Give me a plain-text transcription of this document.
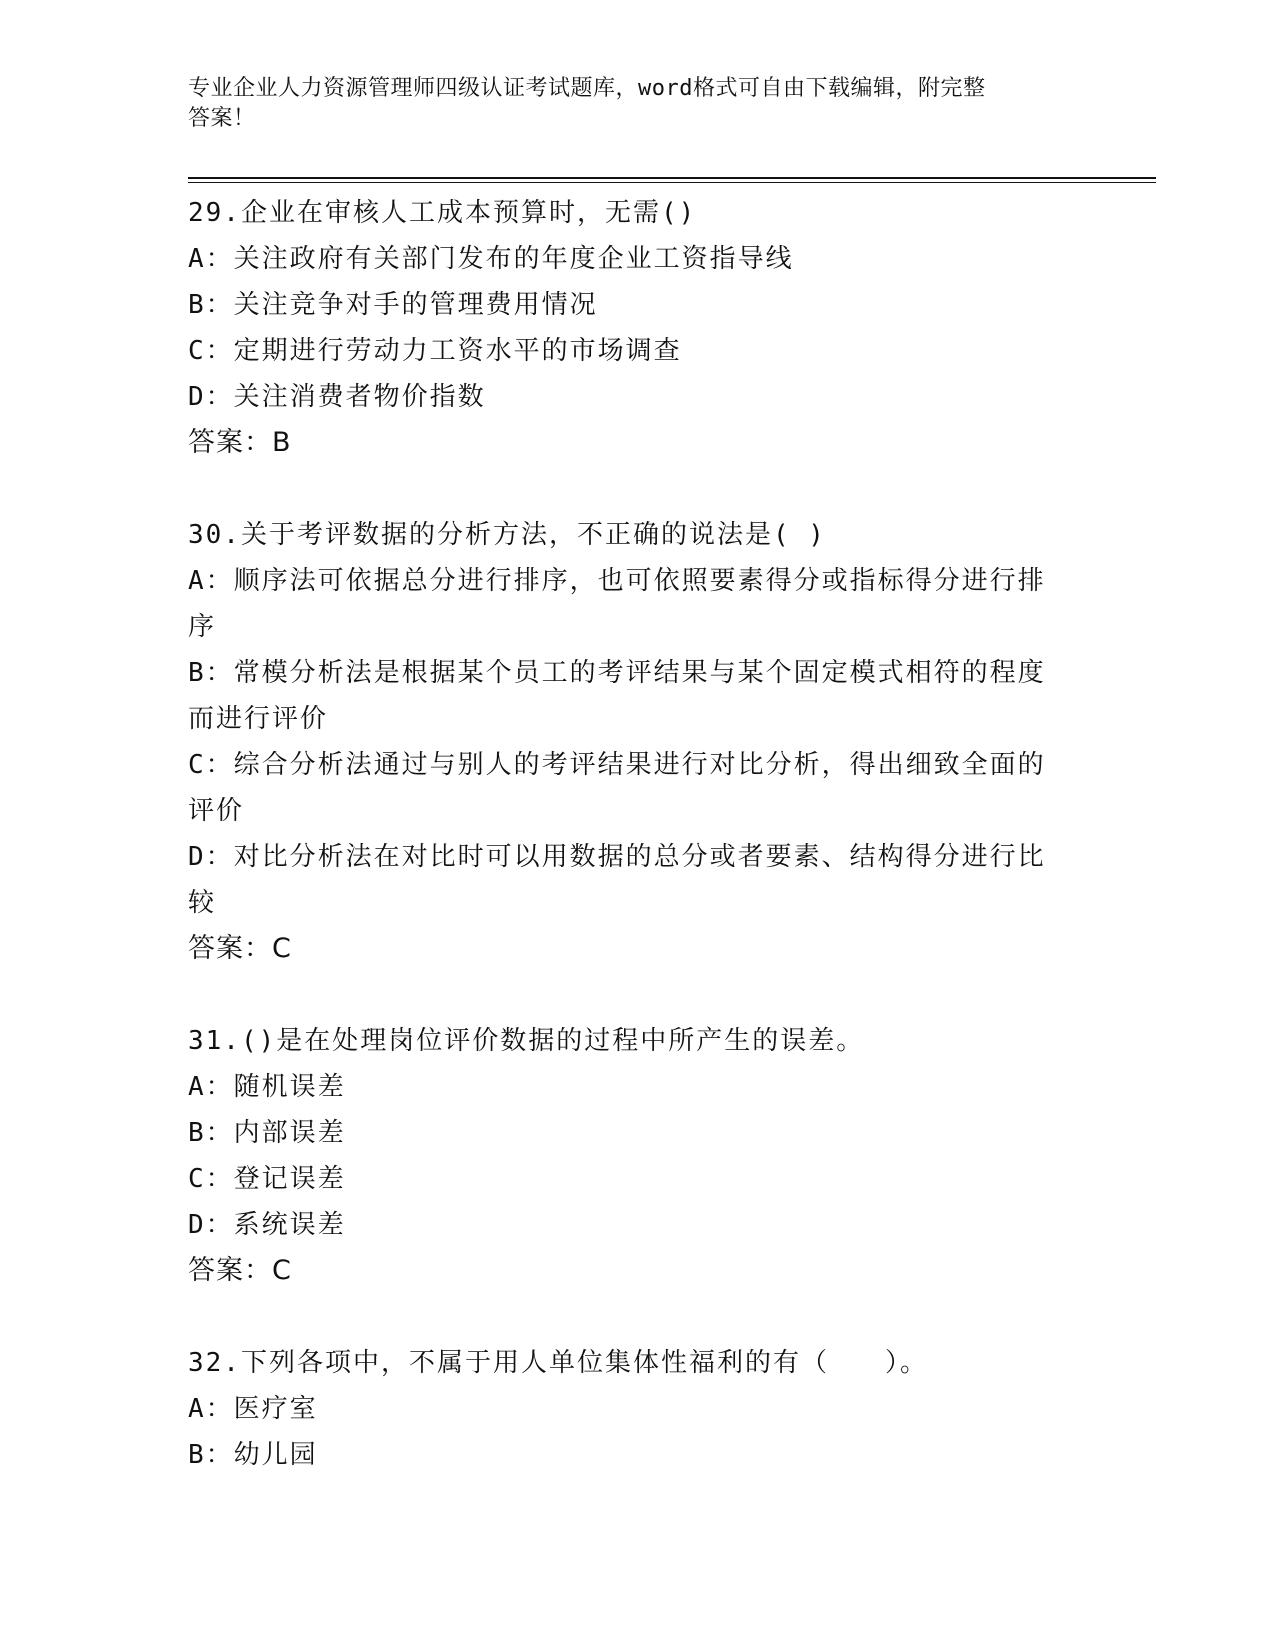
专业企业人力资源管理师四级认证考试题库，word格式可自由下载编辑，附完整
答案！
29.企业在审核人工成本预算时，无需()
A：关注政府有关部门发布的年度企业工资指导线
B：关注竞争对手的管理费用情况
C：定期进行劳动力工资水平的市场调查
D：关注消费者物价指数
答案：B
30.关于考评数据的分析方法，不正确的说法是( )
A：顺序法可依据总分进行排序，也可依照要素得分或指标得分进行排
序
B：常模分析法是根据某个员工的考评结果与某个固定模式相符的程度
而进行评价
C：综合分析法通过与别人的考评结果进行对比分析，得出细致全面的
评价
D：对比分析法在对比时可以用数据的总分或者要素、结构得分进行比
较
答案：C
31.()是在处理岗位评价数据的过程中所产生的误差。
A：随机误差
B：内部误差
C：登记误差
D：系统误差
答案：C
32.下列各项中，不属于用人单位集体性福利的有（　　）。
A：医疗室
B：幼儿园
